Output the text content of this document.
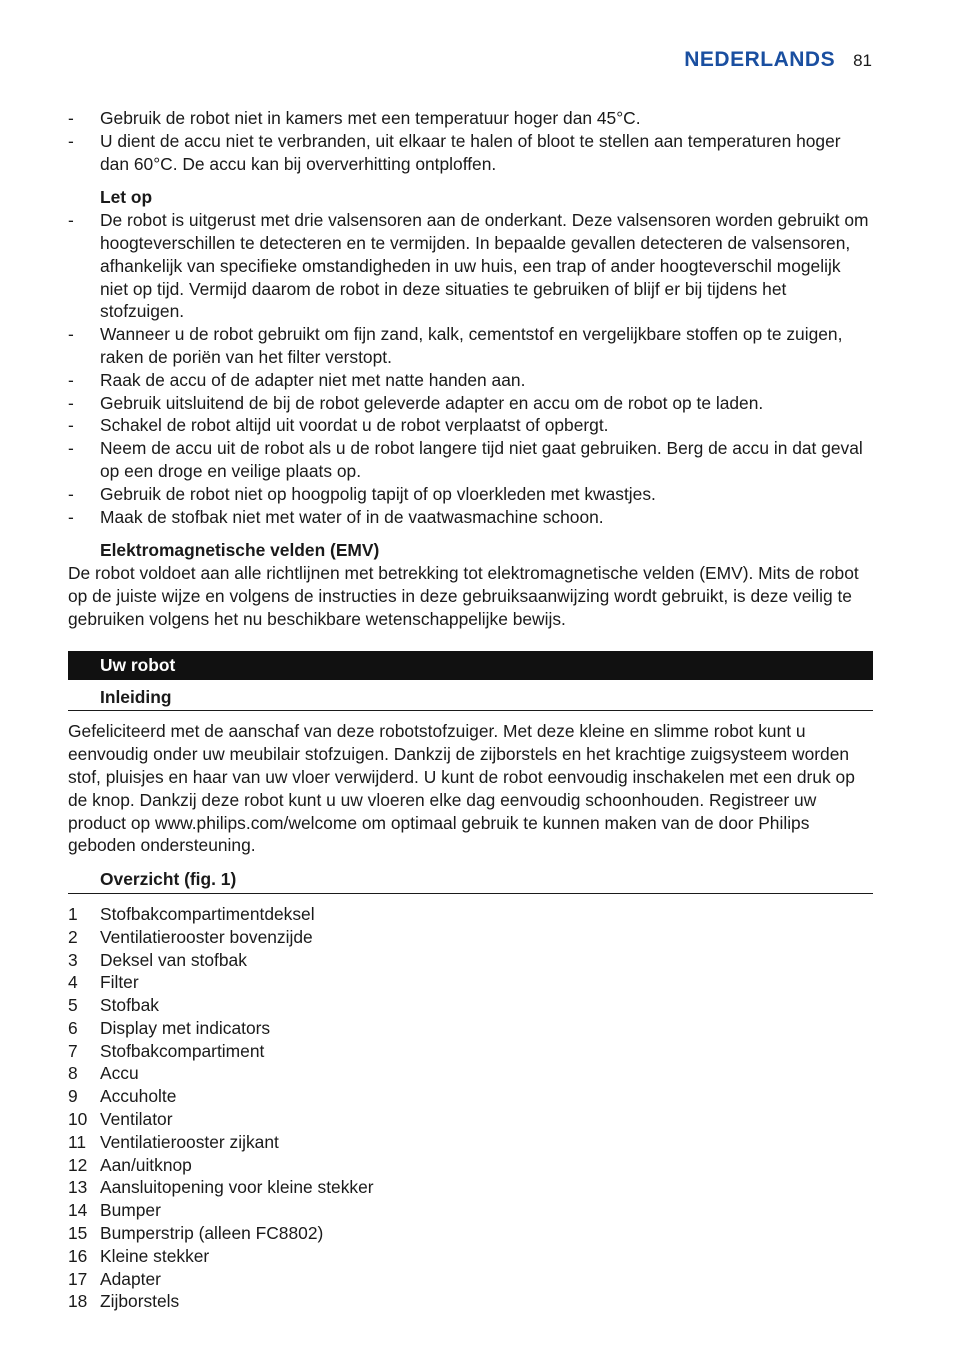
NEDERLANDS 81
-	Gebruik de robot niet in kamers met een temperatuur hoger dan 45°C.
-	U dient de accu niet te verbranden, uit elkaar te halen of bloot te stellen aan temperaturen hoger dan 60°C. De accu kan bij oververhitting ontploffen.
Let op
-	De robot is uitgerust met drie valsensoren aan de onderkant. Deze valsensoren worden gebruikt om hoogteverschillen te detecteren en te vermijden. In bepaalde gevallen detecteren de valsensoren, afhankelijk van specifieke omstandigheden in uw huis, een trap of ander hoogteverschil mogelijk niet op tijd. Vermijd daarom de robot in deze situaties te gebruiken of blijf er bij tijdens het stofzuigen.
-	Wanneer u de robot gebruikt om fijn zand, kalk, cementstof en vergelijkbare stoffen op te zuigen, raken de poriën van het filter verstopt.
-	Raak de accu of de adapter niet met natte handen aan.
-	Gebruik uitsluitend de bij de robot geleverde adapter en accu om de robot op te laden.
-	Schakel de robot altijd uit voordat u de robot verplaatst of opbergt.
-	Neem de accu uit de robot als u de robot langere tijd niet gaat gebruiken. Berg de accu in dat geval op een droge en veilige plaats op.
-	Gebruik de robot niet op hoogpolig tapijt of op vloerkleden met kwastjes.
-	Maak de stofbak niet met water of in de vaatwasmachine schoon.
Elektromagnetische velden (EMV)

De robot voldoet aan alle richtlijnen met betrekking tot elektromagnetische velden (EMV). Mits de robot op de juiste wijze en volgens de instructies in deze gebruiksaanwijzing wordt gebruikt, is deze veilig te gebruiken volgens het nu beschikbare wetenschappelijke bewijs.

Uw robot
Inleiding

Gefeliciteerd met de aanschaf van deze robotstofzuiger. Met deze kleine en slimme robot kunt u eenvoudig onder uw meubilair stofzuigen. Dankzij de zijborstels en het krachtige zuigsysteem worden stof, pluisjes en haar van uw vloer verwijderd. U kunt de robot eenvoudig inschakelen met een druk op de knop. Dankzij deze robot kunt u uw vloeren elke dag eenvoudig schoonhouden. Registreer uw product op www.philips.com/welcome om optimaal gebruik te kunnen maken van de door Philips geboden ondersteuning.

Overzicht (fig. 1)
1	Stofbakcompartimentdeksel
2	Ventilatierooster bovenzijde
3	Deksel van stofbak
4	Filter
5	Stofbak
6	Display met indicators
7	Stofbakcompartiment
8	Accu
9	Accuholte
10 Ventilator
11 Ventilatierooster zijkant
12 Aan/uitknop
13 Aansluitopening voor kleine stekker
14 Bumper
15 Bumperstrip (alleen FC8802)
16 Kleine stekker
17 Adapter
18 Zijborstels
